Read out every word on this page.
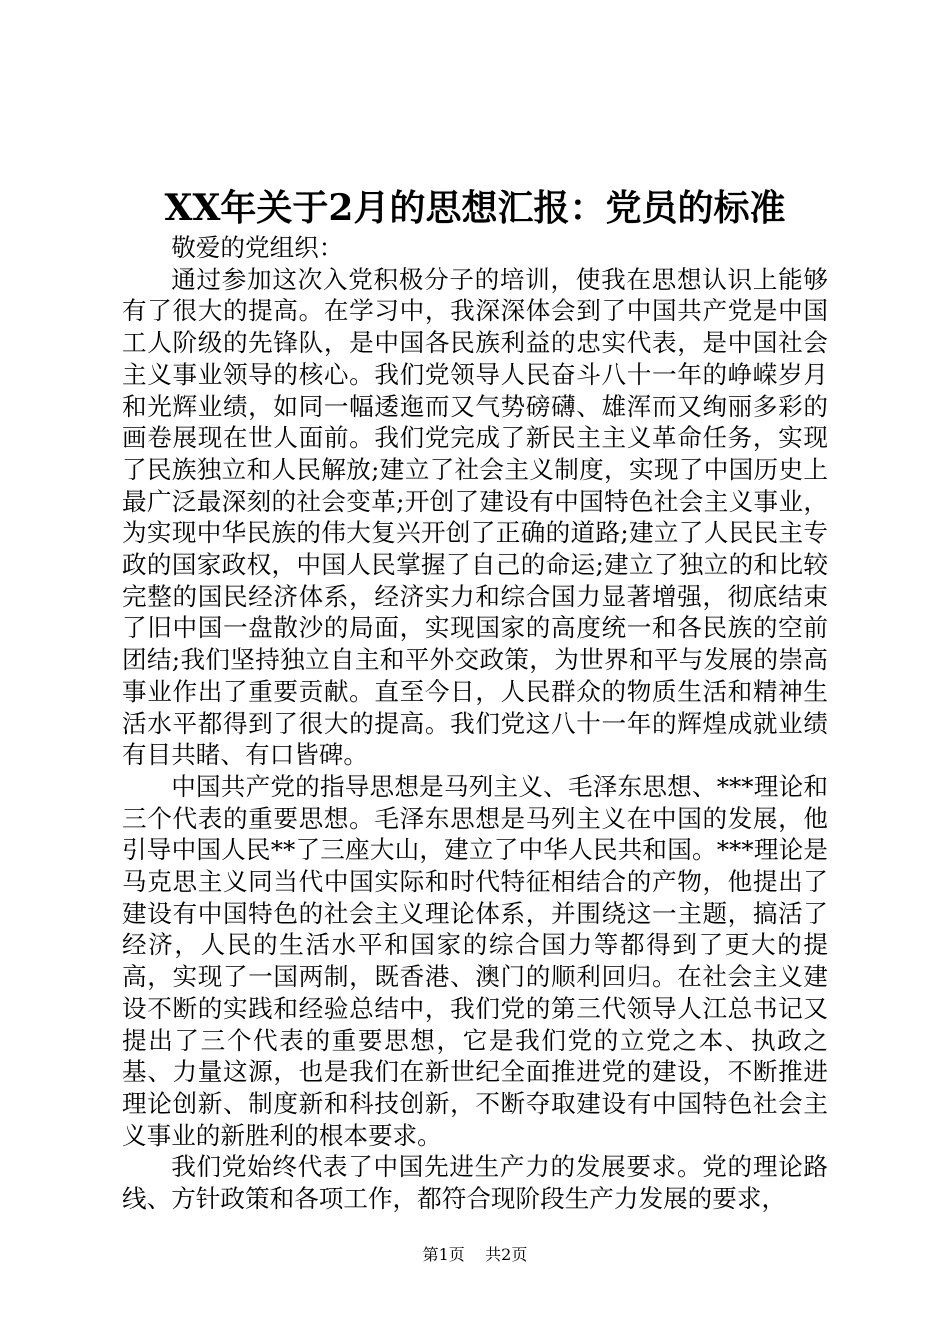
XX年关于2月的思想汇报：党员的标准

敬爱的党组织：

通过参加这次入党积极分子的培训，使我在思想认识上能够有了很大的提高。在学习中，我深深体会到了中国共产党是中国工人阶级的先锋队，是中国各民族利益的忠实代表，是中国社会主义事业领导的核心。我们党领导人民奋斗八十一年的峥嵘岁月和光辉业绩，如同一幅逶迤而又气势磅礴、雄浑而又绚丽多彩的画卷展现在世人面前。我们党完成了新民主主义革命任务，实现了民族独立和人民解放;建立了社会主义制度，实现了中国历史上最广泛最深刻的社会变革;开创了建设有中国特色社会主义事业，为实现中华民族的伟大复兴开创了正确的道路;建立了人民民主专政的国家政权，中国人民掌握了自己的命运;建立了独立的和比较完整的国民经济体系，经济实力和综合国力显著增强，彻底结束了旧中国一盘散沙的局面，实现国家的高度统一和各民族的空前团结;我们坚持独立自主和平外交政策，为世界和平与发展的崇高事业作出了重要贡献。直至今日，人民群众的物质生活和精神生活水平都得到了很大的提高。我们党这八十一年的辉煌成就业绩有目共睹、有口皆碑。

中国共产党的指导思想是马列主义、毛泽东思想、***理论和三个代表的重要思想。毛泽东思想是马列主义在中国的发展，他引导中国人民**了三座大山，建立了中华人民共和国。***理论是马克思主义同当代中国实际和时代特征相结合的产物，他提出了建设有中国特色的社会主义理论体系，并围绕这一主题，搞活了经济，人民的生活水平和国家的综合国力等都得到了更大的提高，实现了一国两制，既香港、澳门的顺利回归。在社会主义建设不断的实践和经验总结中，我们党的第三代领导人江总书记又提出了三个代表的重要思想，它是我们党的立党之本、执政之基、力量这源，也是我们在新世纪全面推进党的建设，不断推进理论创新、制度新和科技创新，不断夺取建设有中国特色社会主义事业的新胜利的根本要求。

我们党始终代表了中国先进生产力的发展要求。党的理论路线、方针政策和各项工作，都符合现阶段生产力发展的要求，

第1页 共2页
